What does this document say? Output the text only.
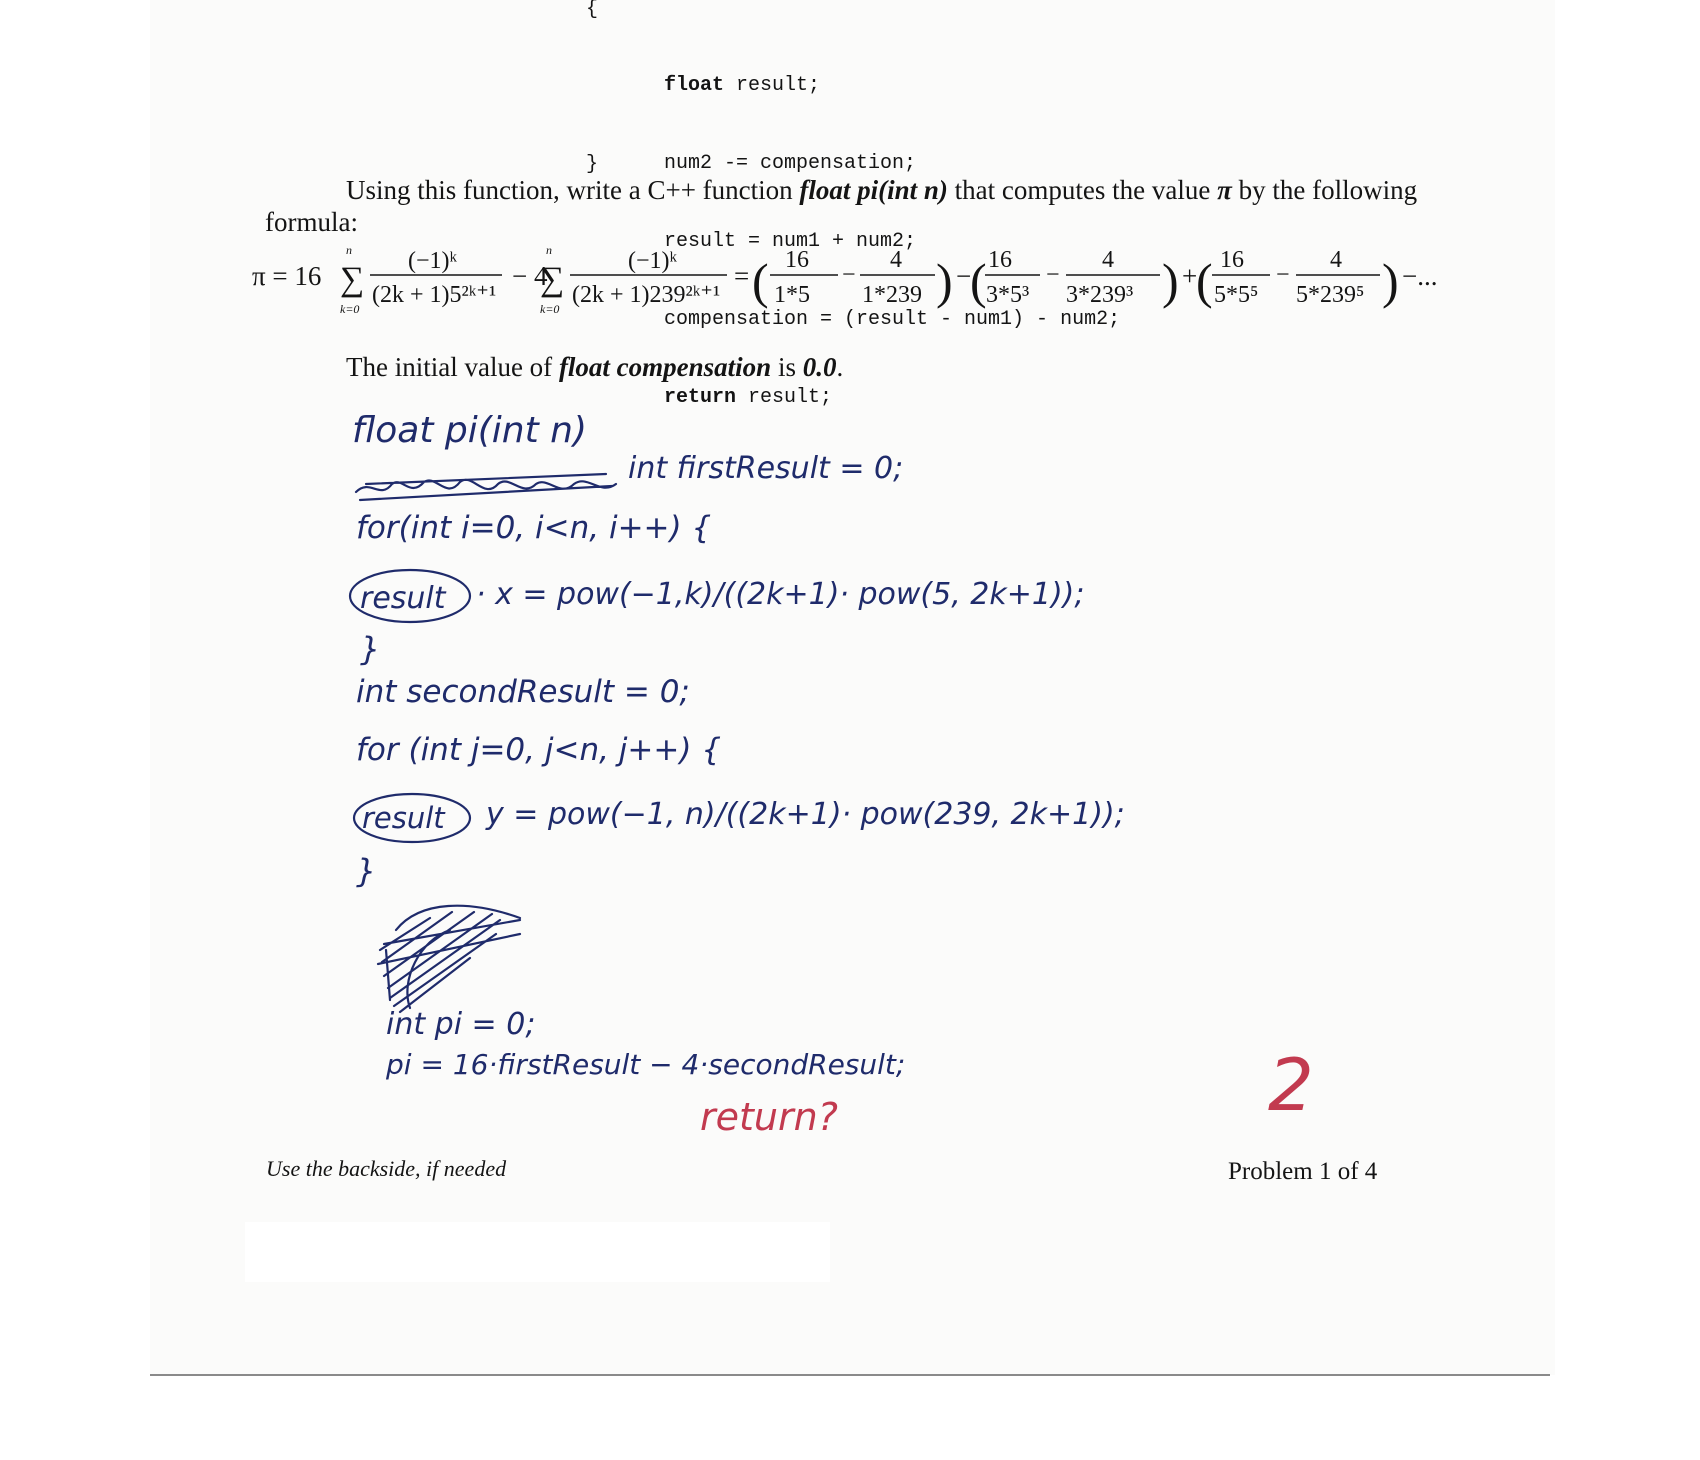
{

float result;

num2 -= compensation;

result = num1 + num2;

compensation = (result - num1) - num2;

return result;

}
Using this function, write a C++ function float pi(int n) that computes the value π by the following
formula:
π = 16 ∑
n
k=0
(−1)ᵏ
(2k + 1)5²ᵏ⁺¹
− 4
∑
n
k=0
(−1)ᵏ
(2k + 1)239²ᵏ⁺¹
= ( 16
1*5
−
4
1*239 ) −
( 16
3*5³
−
4
3*239³ ) +
( 16
5*5⁵
−
4
5*239⁵ ) −...
The initial value of float compensation is 0.0.
float pi(int n)
int firstResult = 0;
for(int i=0, i<n, i++) {
result · x = pow(−1,k)/((2k+1)· pow(5, 2k+1));
}
int secondResult = 0;
for (int j=0, j<n, j++) {
result y = pow(−1, n)/((2k+1)· pow(239, 2k+1));
}
int pi = 0;
pi = 16·firstResult − 4·secondResult;
return?	2
Use the backside, if needed	Problem 1 of 4
